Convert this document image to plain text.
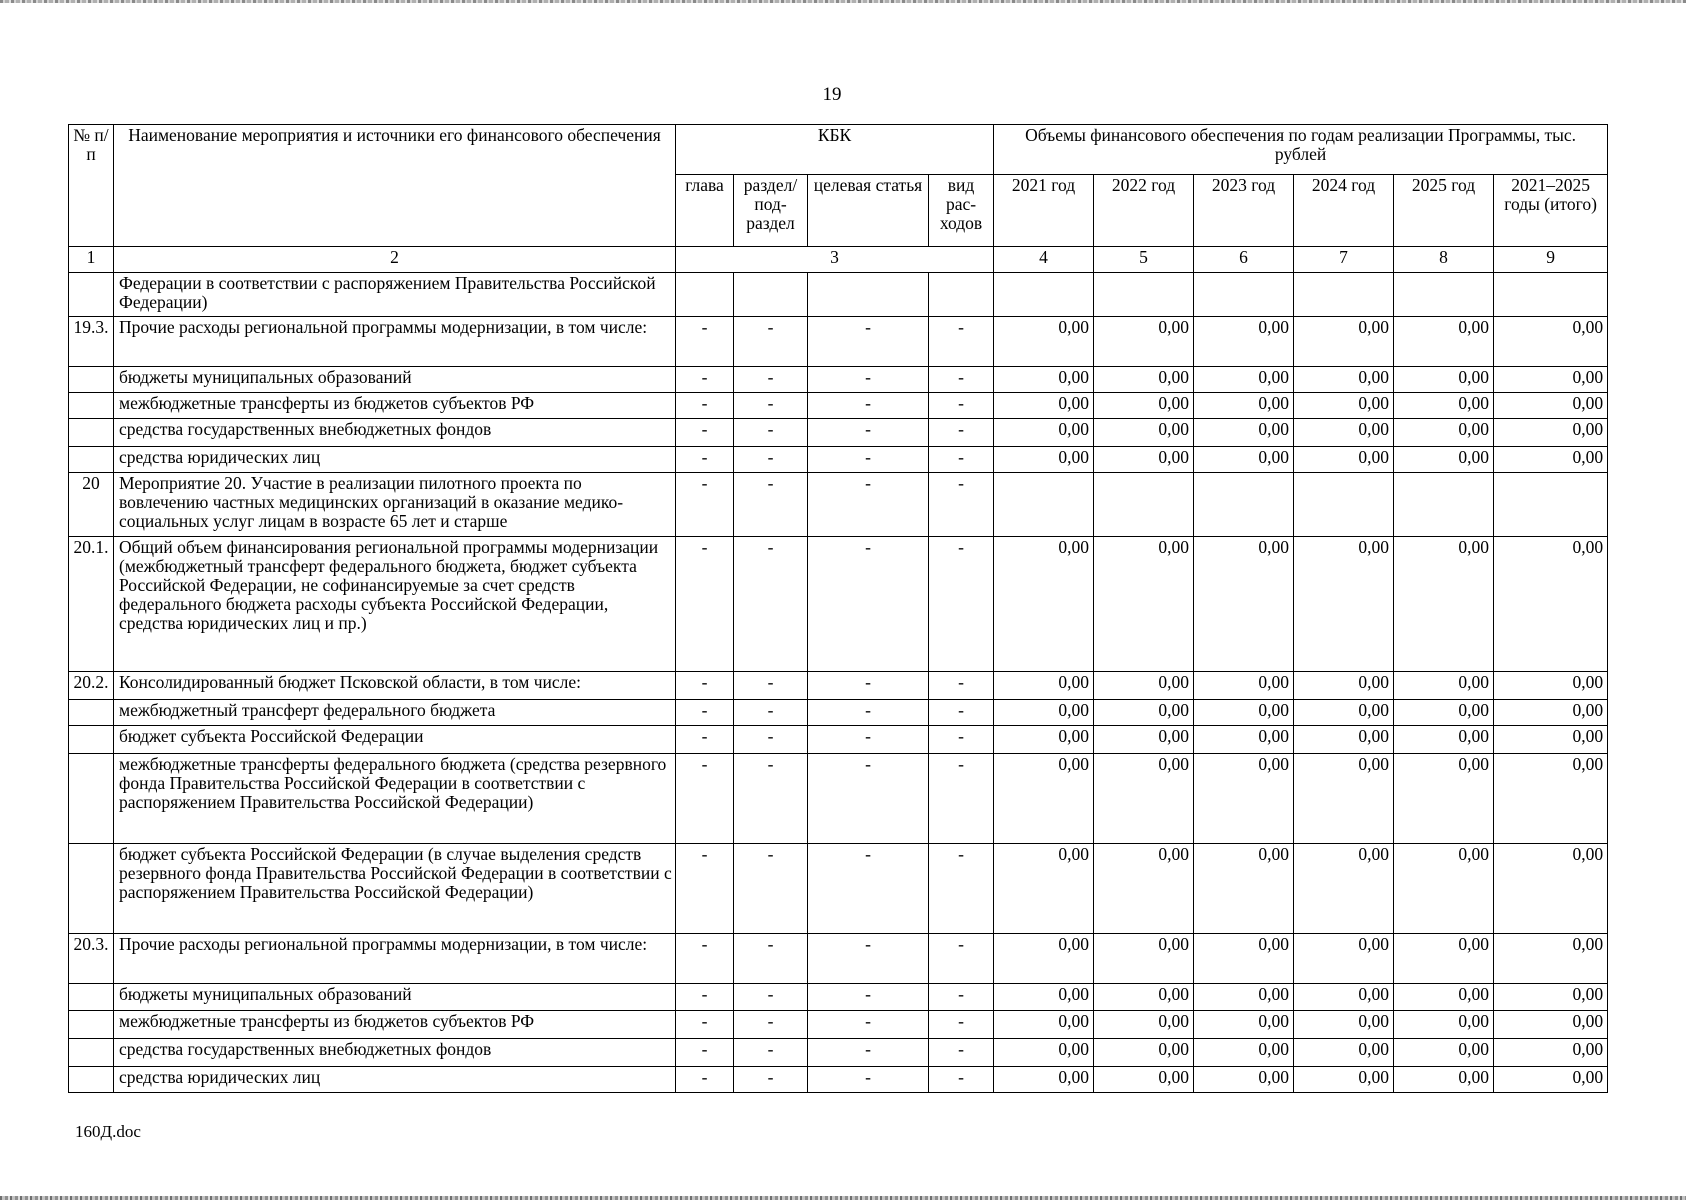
19
№ п/п	Наименование мероприятия и источники его финансового обеспечения	КБК				Объемы финансового обеспечения по годам реализации Программы, тыс. рублей					
		глава	раздел/ под- раздел	целевая статья	вид рас- ходов	2021 год	2022 год	2023 год	2024 год	2025 год	2021–2025 годы (итого)
1	2	3				4	5	6	7	8	9
	Федерации в соответствии с распоряжением Правительства Российской Федерации)										
19.3.	Прочие расходы региональной программы модернизации, в том числе:	-	-	-	-	0,00	0,00	0,00	0,00	0,00	0,00
	бюджеты муниципальных образований	-	-	-	-	0,00	0,00	0,00	0,00	0,00	0,00
	межбюджетные трансферты из бюджетов субъектов РФ	-	-	-	-	0,00	0,00	0,00	0,00	0,00	0,00
	средства государственных внебюджетных фондов	-	-	-	-	0,00	0,00	0,00	0,00	0,00	0,00
	средства юридических лиц	-	-	-	-	0,00	0,00	0,00	0,00	0,00	0,00
20	Мероприятие 20. Участие в реализации пилотного проекта по вовлечению частных медицинских организаций в оказание медико-социальных услуг лицам в возрасте 65 лет и старше	-	-	-	-						
20.1.	Общий объем финансирования региональной программы модернизации (межбюджетный трансферт федерального бюджета, бюджет субъекта Российской Федерации, не софинансируемые за счет средств федерального бюджета расходы субъекта Российской Федерации, средства юридических лиц и пр.)	-	-	-	-	0,00	0,00	0,00	0,00	0,00	0,00
20.2.	Консолидированный бюджет Псковской области, в том числе:	-	-	-	-	0,00	0,00	0,00	0,00	0,00	0,00
	межбюджетный трансферт федерального бюджета	-	-	-	-	0,00	0,00	0,00	0,00	0,00	0,00
	бюджет субъекта Российской Федерации	-	-	-	-	0,00	0,00	0,00	0,00	0,00	0,00
	межбюджетные трансферты федерального бюджета (средства резервного фонда Правительства Российской Федерации в соответствии с распоряжением Правительства Российской Федерации)	-	-	-	-	0,00	0,00	0,00	0,00	0,00	0,00
	бюджет субъекта Российской Федерации (в случае выделения средств резервного фонда Правительства Российской Федерации в соответствии с распоряжением Правительства Российской Федерации)	-	-	-	-	0,00	0,00	0,00	0,00	0,00	0,00
20.3.	Прочие расходы региональной программы модернизации, в том числе:	-	-	-	-	0,00	0,00	0,00	0,00	0,00	0,00
	бюджеты муниципальных образований	-	-	-	-	0,00	0,00	0,00	0,00	0,00	0,00
	межбюджетные трансферты из бюджетов субъектов РФ	-	-	-	-	0,00	0,00	0,00	0,00	0,00	0,00
	средства государственных внебюджетных фондов	-	-	-	-	0,00	0,00	0,00	0,00	0,00	0,00
	средства юридических лиц	-	-	-	-	0,00	0,00	0,00	0,00	0,00	0,00
160Д.doc
